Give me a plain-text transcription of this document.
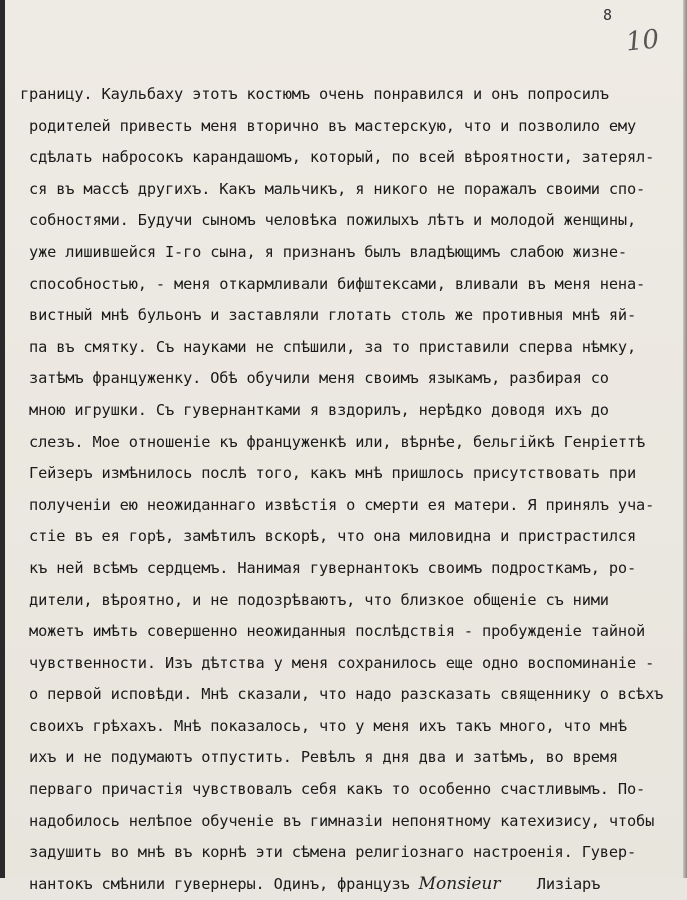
8
10
границу. Каульбаху этотъ костюмъ очень понравился и онъ попросилъ
родителей привесть меня вторично въ мастерскую, что и позволило ему
сдѣлать набросокъ карандашомъ, который, по всей вѣроятности, затерял-
ся въ массѣ другихъ. Какъ мальчикъ, я никого не поражалъ своими спо-
собностями. Будучи сыномъ человѣка пожилыхъ лѣтъ и молодой женщины,
уже лишившейся I-го сына, я признанъ былъ владѣющимъ слабою жизне-
способностью, - меня откармливали бифштексами, вливали въ меня нена-
вистный мнѣ бульонъ и заставляли глотать столь же противныя мнѣ яй-
па въ смятку. Съ науками не спѣшили, за то приставили сперва нѣмку,
затѣмъ француженку. Обѣ обучили меня своимъ языкамъ, разбирая со
мною игрушки. Съ гувернантками я вздорилъ, нерѣдко доводя ихъ до
слезъ. Мое отношеніе къ француженкѣ или, вѣрнѣе, бельгійкѣ Генріеттѣ
Гейзеръ измѣнилось послѣ того, какъ мнѣ пришлось присутствовать при
полученіи ею неожиданнаго извѣстія о смерти ея матери. Я принялъ уча-
стіе въ ея горѣ, замѣтилъ вскорѣ, что она миловидна и пристрастился
къ ней всѣмъ сердцемъ. Нанимая гувернантокъ своимъ подросткамъ, ро-
дители, вѣроятно, и не подозрѣваютъ, что близкое общеніе съ ними
можетъ имѣть совершенно неожиданныя послѣдствія - пробужденіе тайной
чувственности. Изъ дѣтства у меня сохранилось еще одно воспоминаніе -
о первой исповѣди. Мнѣ сказали, что надо разсказать священнику о всѣхъ
своихъ грѣхахъ. Мнѣ показалось, что у меня ихъ такъ много, что мнѣ
ихъ и не подумаютъ отпустить. Ревѣлъ я дня два и затѣмъ, во время
перваго причастія чувствовалъ себя какъ то особенно счастливымъ. По-
надобилось нелѣпое обученіе въ гимназіи непонятному катехизису, чтобы
задушить во мнѣ въ корнѣ эти сѣмена религіознаго настроенія. Гувер-
нантокъ смѣнили гувернеры. Одинъ, французъ Monsieur    Лизіаръ
